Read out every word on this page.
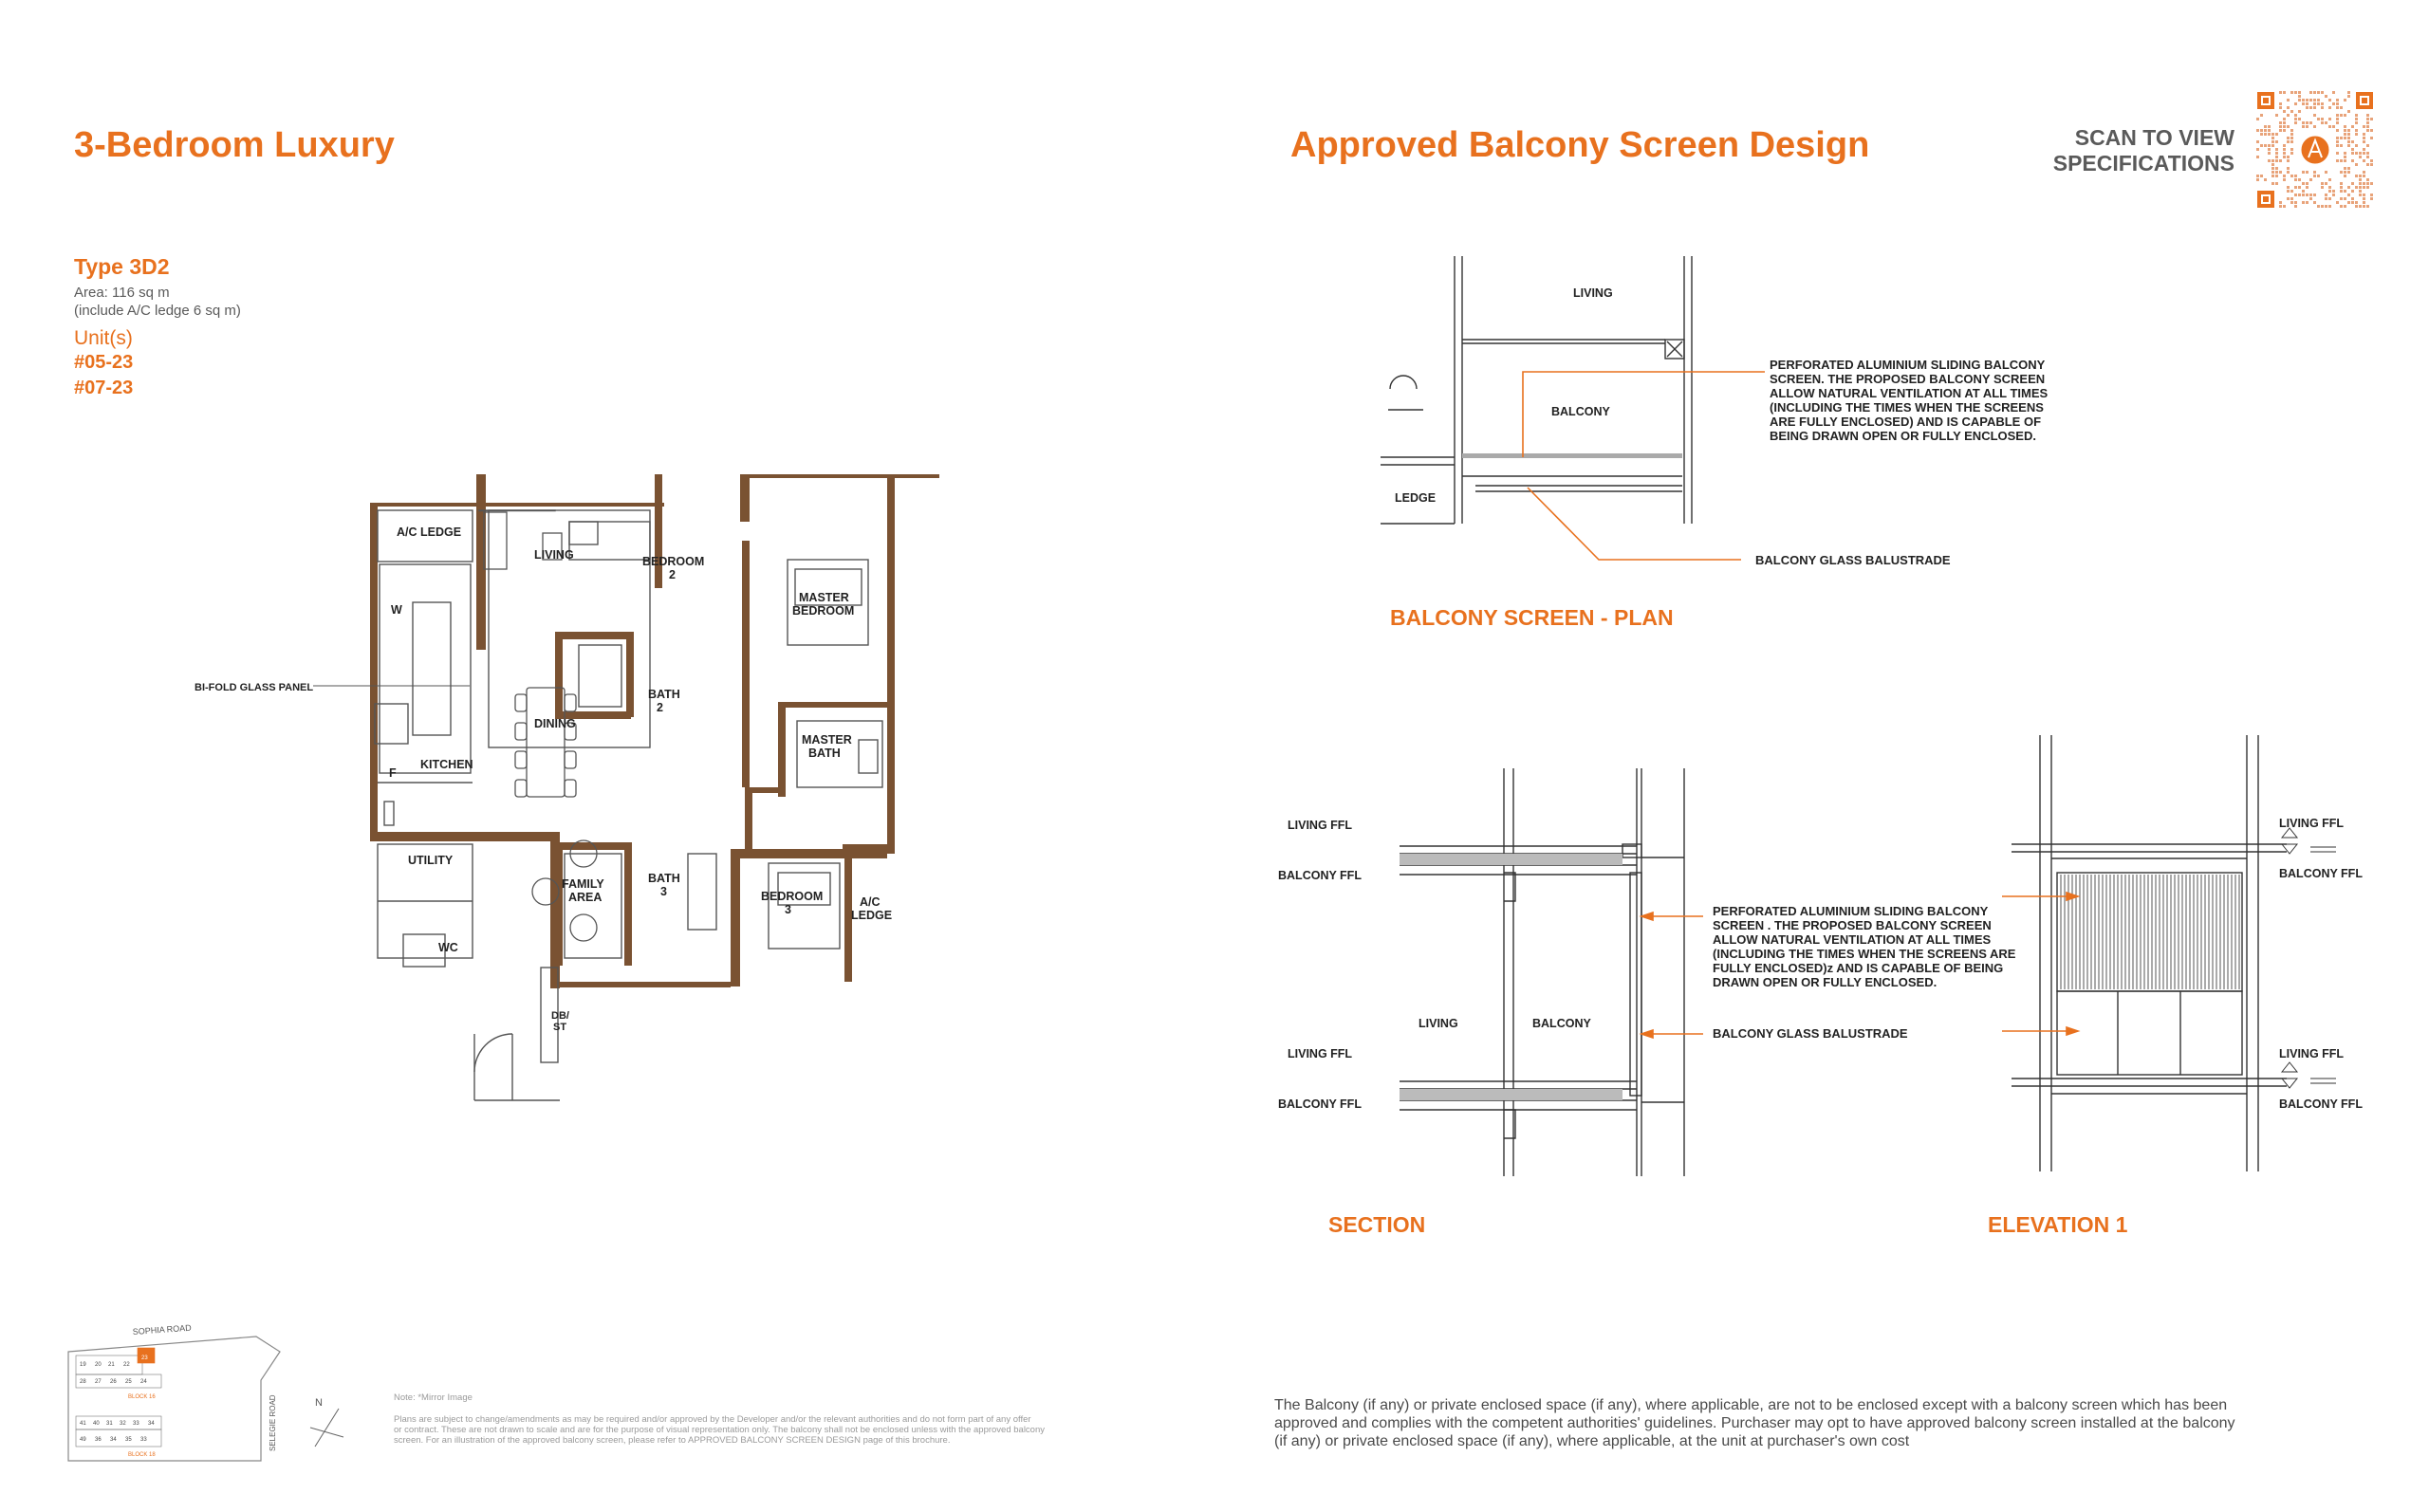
3-Bedroom Luxury
Type 3D2
Area: 116 sq m
(include A/C ledge 6 sq m)
Unit(s)
#05-23
#07-23
A/C LEDGE
LIVING	BEDROOM
2
MASTER
BEDROOM
W
DINING
BATH
2
MASTER
BATH
KITCHEN
F
UTILITY
FAMILY
AREA
BATH
3	BEDROOM
3
A/C
LEDGE
WC
DB/
ST
BI-FOLD GLASS PANEL
SOPHIA ROAD
SELEGIE ROAD
19 20 21 22
23
28 27 26 25 24
41 40 31 32 33 34
49 36 34 35 33
BLOCK 16
BLOCK 18
N	Note: *Mirror Image
Plans are subject to change/amendments as may be required and/or approved by the Developer and/or the relevant authorities and do not form part of any offer
or contract. These are not drawn to scale and are for the purpose of visual representation only. The balcony shall not be enclosed unless with the approved balcony
screen. For an illustration of the approved balcony screen, please refer to APPROVED BALCONY SCREEN DESIGN page of this brochure.
Approved Balcony Screen Design	SCAN TO VIEW
SPECIFICATIONS
LIVING
BALCONY
LEDGE
PERFORATED ALUMINIUM SLIDING BALCONY
SCREEN. THE PROPOSED BALCONY SCREEN
ALLOW NATURAL VENTILATION AT ALL TIMES
(INCLUDING THE TIMES WHEN THE SCREENS
ARE FULLY ENCLOSED) AND IS CAPABLE OF
BEING DRAWN OPEN OR FULLY ENCLOSED.
BALCONY GLASS BALUSTRADE
BALCONY SCREEN - PLAN
LIVING FFL
BALCONY FFL
LIVING FFL
BALCONY FFL
LIVING	BALCONY
PERFORATED ALUMINIUM SLIDING BALCONY
SCREEN . THE PROPOSED BALCONY SCREEN
ALLOW NATURAL VENTILATION AT ALL TIMES
(INCLUDING THE TIMES WHEN THE SCREENS ARE
FULLY ENCLOSED)z AND IS CAPABLE OF BEING
DRAWN OPEN OR FULLY ENCLOSED.
BALCONY GLASS BALUSTRADE
SECTION
LIVING FFL
BALCONY FFL
LIVING FFL
BALCONY FFL
ELEVATION 1
The Balcony (if any) or private enclosed space (if any), where applicable, are not to be enclosed except with a balcony screen which has been
approved and complies with the competent authorities' guidelines. Purchaser may opt to have approved balcony screen installed at the balcony
(if any) or private enclosed space (if any), where applicable, at the unit at purchaser's own cost
